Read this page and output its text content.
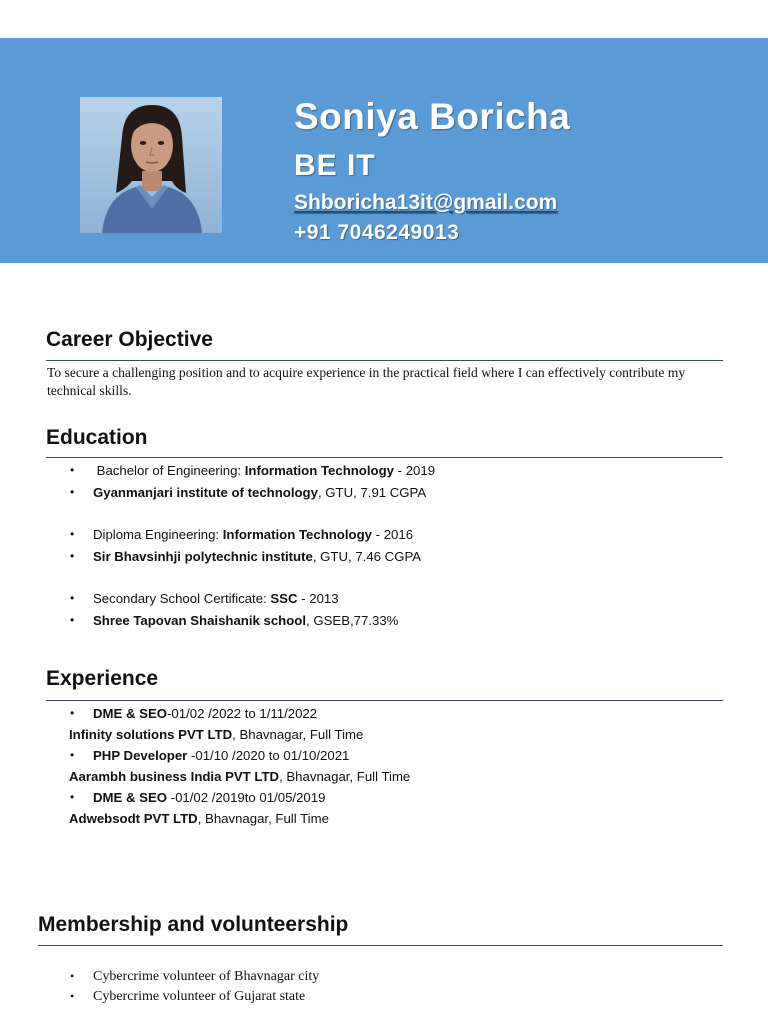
Soniya Boricha
BE IT
Shboricha13it@gmail.com
+91 7046249013
Career Objective
To secure a challenging position and to acquire experience in the practical field where I can effectively contribute my technical skills.
Education
•  Bachelor of Engineering: Information Technology - 2019
• Gyanmanjari institute of technology, GTU, 7.91 CGPA
• Diploma Engineering: Information Technology - 2016
• Sir Bhavsinhji polytechnic institute, GTU, 7.46 CGPA
• Secondary School Certificate: SSC - 2013
• Shree Tapovan Shaishanik school, GSEB,77.33%
Experience
• DME & SEO-01/02 /2022 to 1/11/2022
Infinity solutions PVT LTD, Bhavnagar, Full Time
• PHP Developer -01/10 /2020 to 01/10/2021
Aarambh business India PVT LTD, Bhavnagar, Full Time
• DME & SEO -01/02 /2019to 01/05/2019
Adwebsodt PVT LTD, Bhavnagar, Full Time
Membership and volunteership
• Cybercrime volunteer of Bhavnagar city
• Cybercrime volunteer of Gujarat state
